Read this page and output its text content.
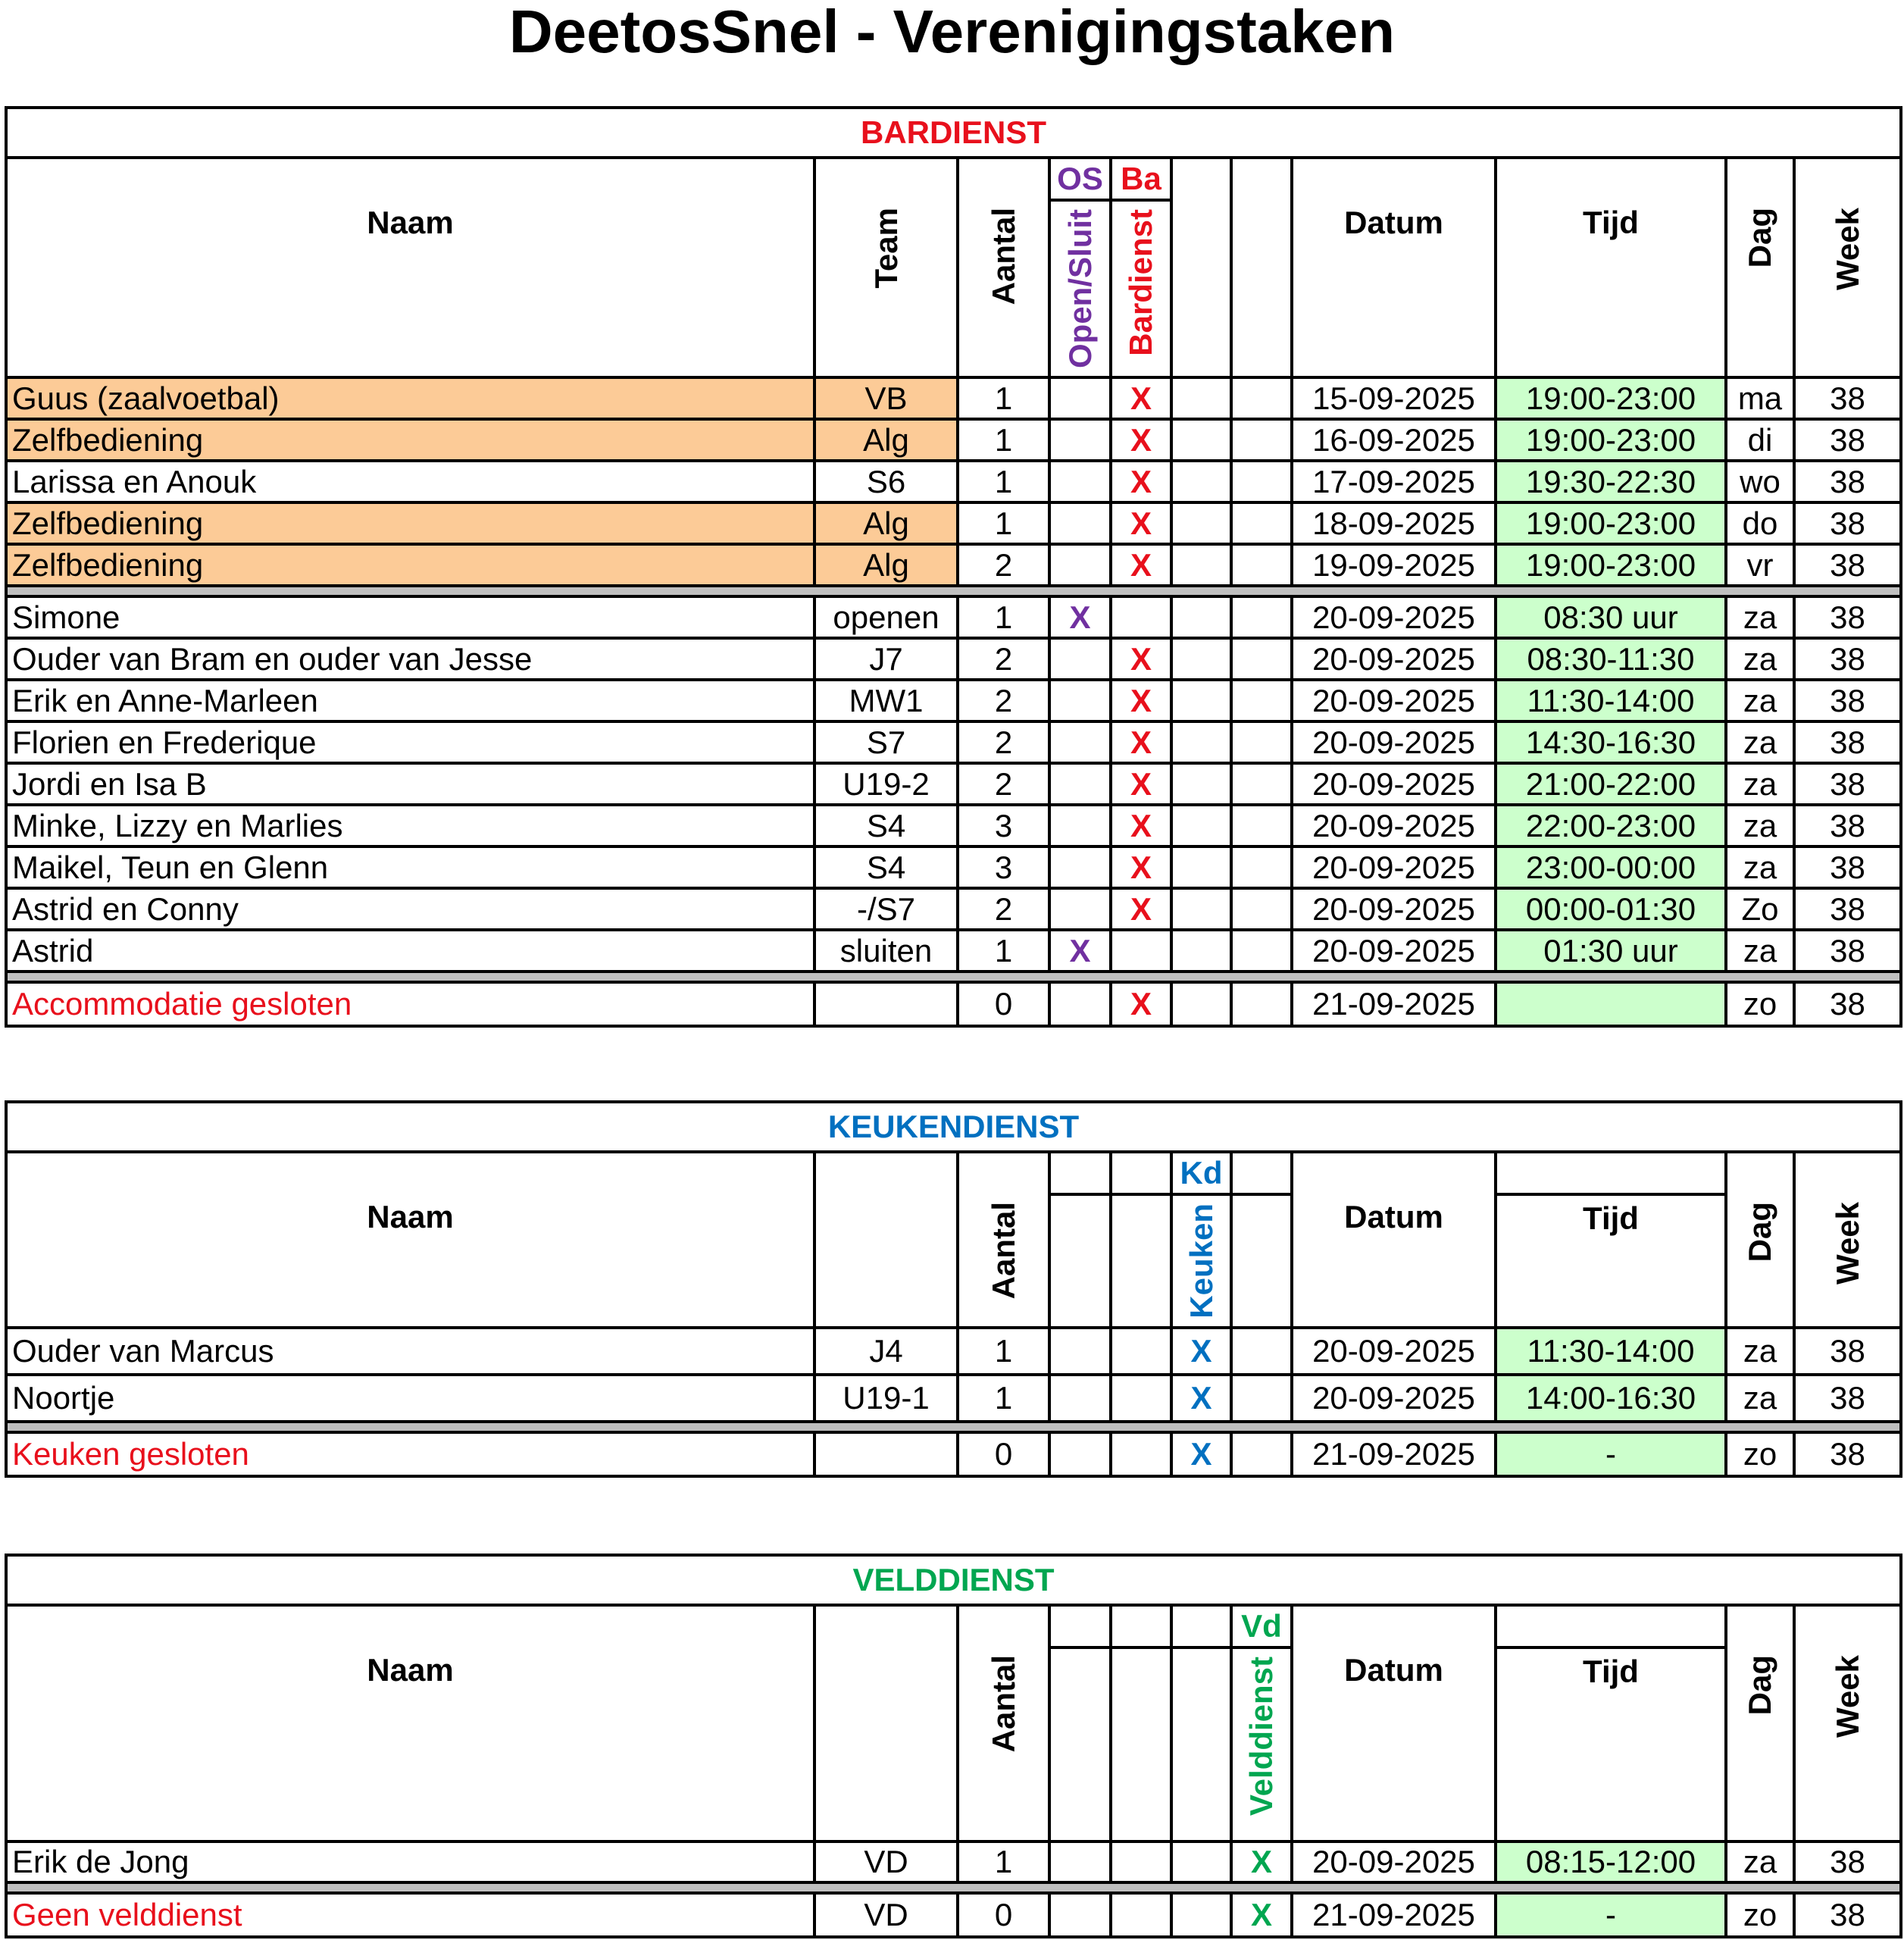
DeetosSnel - Verenigingstaken
BARDIENST										
			OS	Ba						
Naam	Team	Aantal	Open/Sluit	Bardienst			Datum	Tijd	Dag	Week
Guus (zaalvoetbal)	VB	1		X			15-09-2025	19:00-23:00	ma	38
Zelfbediening	Alg	1		X			16-09-2025	19:00-23:00	di	38
Larissa en Anouk	S6	1		X			17-09-2025	19:30-22:30	wo	38
Zelfbediening	Alg	1		X			18-09-2025	19:00-23:00	do	38
Zelfbediening	Alg	2		X			19-09-2025	19:00-23:00	vr	38

Simone	openen	1	X				20-09-2025	08:30 uur	za	38
Ouder van Bram en ouder van Jesse	J7	2		X			20-09-2025	08:30-11:30	za	38
Erik en Anne-Marleen	MW1	2		X			20-09-2025	11:30-14:00	za	38
Florien en Frederique	S7	2		X			20-09-2025	14:30-16:30	za	38
Jordi en Isa B	U19-2	2		X			20-09-2025	21:00-22:00	za	38
Minke, Lizzy en Marlies	S4	3		X			20-09-2025	22:00-23:00	za	38
Maikel, Teun en Glenn	S4	3		X			20-09-2025	23:00-00:00	za	38
Astrid en Conny	-/S7	2		X			20-09-2025	00:00-01:30	Zo	38
Astrid	sluiten	1	X				20-09-2025	01:30 uur	za	38

Accommodatie gesloten		0		X			21-09-2025		zo	38
KEUKENDIENST										
					Kd					
Naam		Aantal			Keuken		Datum	Tijd	Dag	Week
Ouder van Marcus	J4	1			X		20-09-2025	11:30-14:00	za	38
Noortje	U19-1	1			X		20-09-2025	14:00-16:30	za	38

Keuken gesloten		0			X		21-09-2025	-	zo	38
VELDDIENST										
						Vd				
Naam		Aantal				Velddienst	Datum	Tijd	Dag	Week
Erik de Jong	VD	1				X	20-09-2025	08:15-12:00	za	38

Geen velddienst	VD	0				X	21-09-2025	-	zo	38
